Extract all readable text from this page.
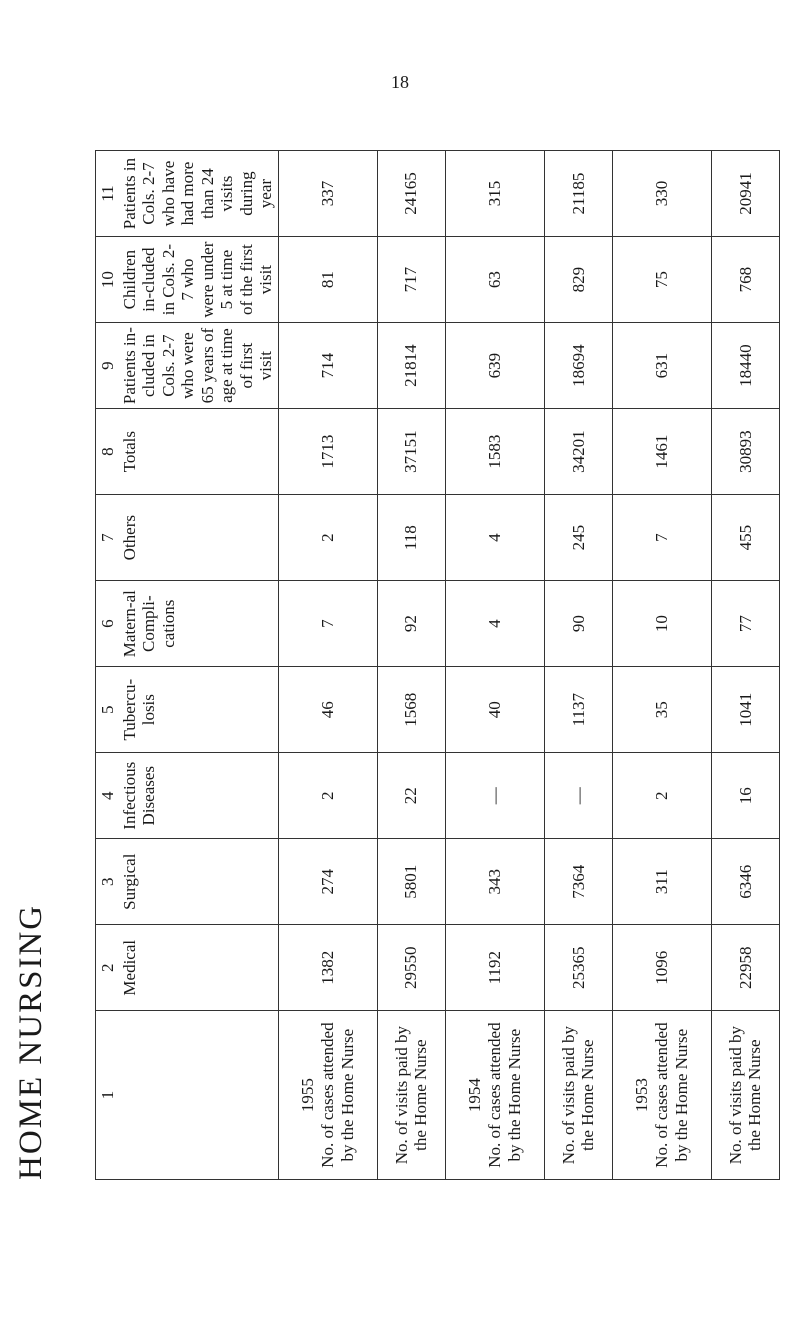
18
HOME NURSING	1	2 Medical	3 Surgical	4 Infectious Diseases	5 Tubercu-losis	6 Matern-al Compli-cations	7 Others	8 Totals	9 Patients in-cluded in Cols. 2-7 who were 65 years of age at time of first visit	10 Children in-cluded in Cols. 2-7 who were under 5 at time of the first visit	11 Patients in Cols. 2-7 who have had more than 24 visits during year

1955 No. of cases attended by the Home Nurse	1382	274	2	46	7	2	1713	714	81	337

No. of visits paid by the Home Nurse	29550	5801	22	1568	92	118	37151	21814	717	24165

1954 No. of cases attended by the Home Nurse	1192	343	—	40	4	4	1583	639	63	315

No. of visits paid by the Home Nurse	25365	7364	—	1137	90	245	34201	18694	829	21185

1953 No. of cases attended by the Home Nurse	1096	311	2	35	10	7	1461	631	75	330

No. of visits paid by the Home Nurse	22958	6346	16	1041	77	455	30893	18440	768	20941
